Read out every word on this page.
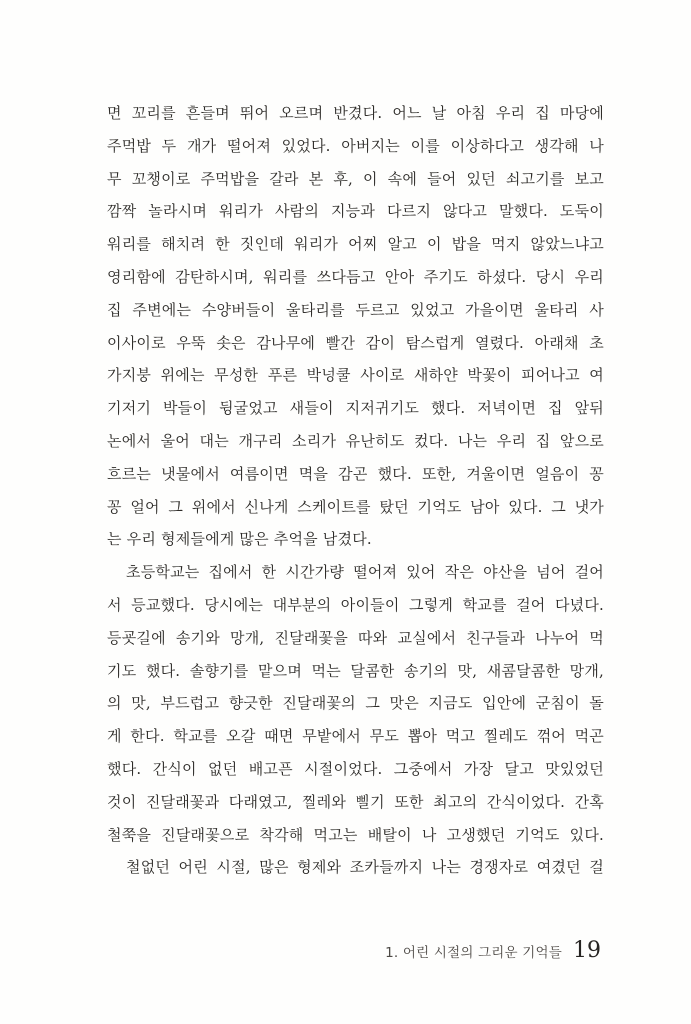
면 꼬리를 흔들며 뛰어 오르며 반겼다. 어느 날 아침 우리 집 마당에
주먹밥 두 개가 떨어져 있었다. 아버지는 이를 이상하다고 생각해 나
무 꼬챙이로 주먹밥을 갈라 본 후, 이 속에 들어 있던 쇠고기를 보고
깜짝 놀라시며 워리가 사람의 지능과 다르지 않다고 말했다. 도둑이
워리를 해치려 한 짓인데 워리가 어찌 알고 이 밥을 먹지 않았느냐고
영리함에 감탄하시며, 워리를 쓰다듬고 안아 주기도 하셨다. 당시 우리
집 주변에는 수양버들이 울타리를 두르고 있었고 가을이면 울타리 사
이사이로 우뚝 솟은 감나무에 빨간 감이 탐스럽게 열렸다. 아래채 초
가지붕 위에는 무성한 푸른 박넝쿨 사이로 새하얀 박꽃이 피어나고 여
기저기 박들이 뒹굴었고 새들이 지저귀기도 했다. 저녁이면 집 앞뒤
논에서 울어 대는 개구리 소리가 유난히도 컸다. 나는 우리 집 앞으로
흐르는 냇물에서 여름이면 멱을 감곤 했다. 또한, 겨울이면 얼음이 꽁
꽁 얼어 그 위에서 신나게 스케이트를 탔던 기억도 남아 있다. 그 냇가
는 우리 형제들에게 많은 추억을 남겼다.
초등학교는 집에서 한 시간가량 떨어져 있어 작은 야산을 넘어 걸어
서 등교했다. 당시에는 대부분의 아이들이 그렇게 학교를 걸어 다녔다.
등굣길에 송기와 망개, 진달래꽃을 따와 교실에서 친구들과 나누어 먹
기도 했다. 솔향기를 맡으며 먹는 달콤한 송기의 맛, 새콤달콤한 망개,
의 맛, 부드럽고 향긋한 진달래꽃의 그 맛은 지금도 입안에 군침이 돌
게 한다. 학교를 오갈 때면 무밭에서 무도 뽑아 먹고 찔레도 꺾어 먹곤
했다. 간식이 없던 배고픈 시절이었다. 그중에서 가장 달고 맛있었던
것이 진달래꽃과 다래였고, 찔레와 삘기 또한 최고의 간식이었다. 간혹
철쭉을 진달래꽃으로 착각해 먹고는 배탈이 나 고생했던 기억도 있다.
철없던 어린 시절, 많은 형제와 조카들까지 나는 경쟁자로 여겼던 걸
1. 어린 시절의 그리운 기억들 19
